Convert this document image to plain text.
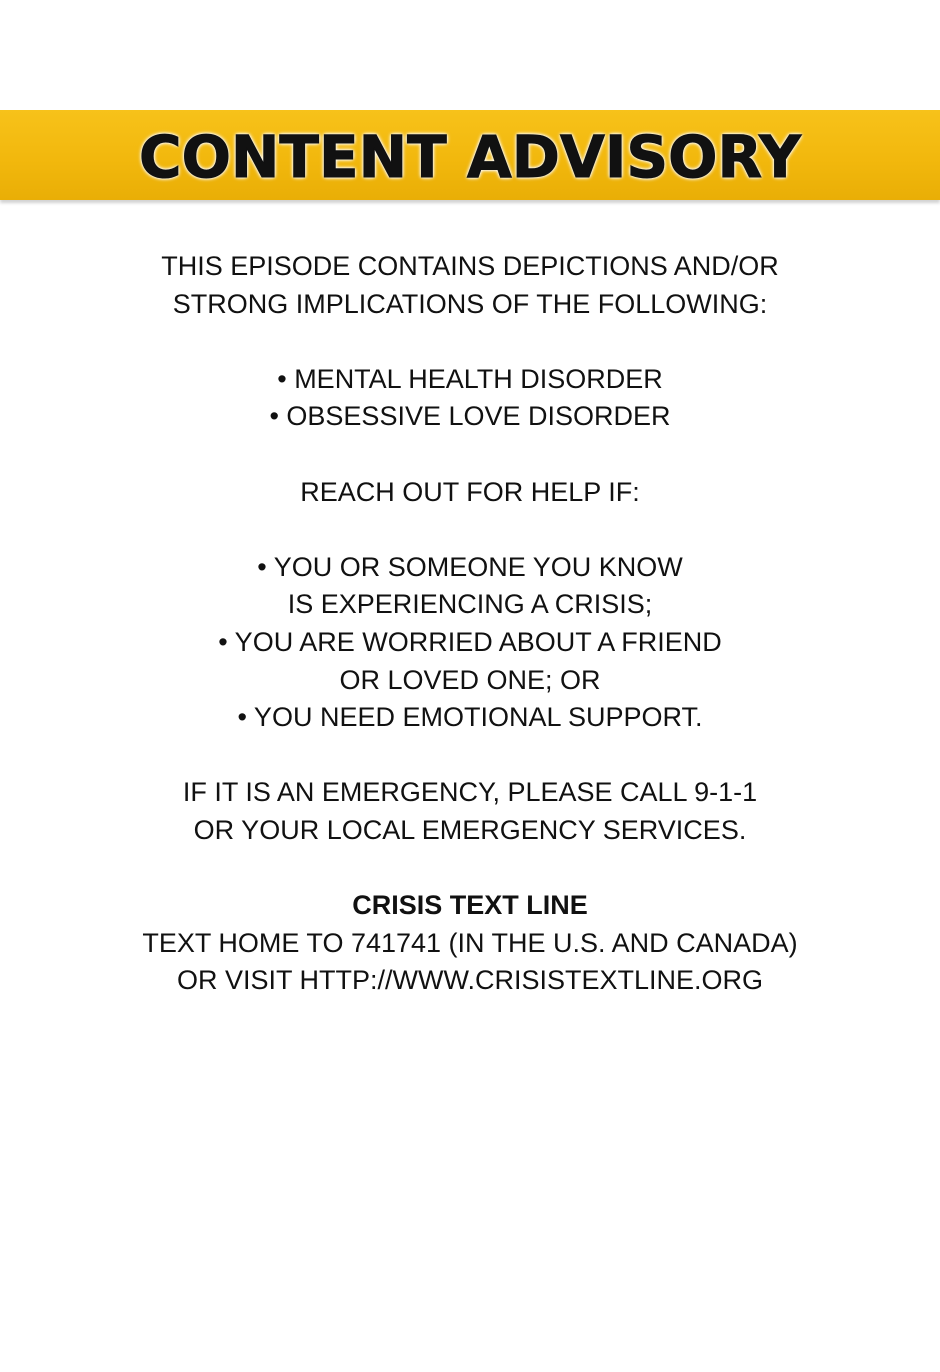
CONTENT ADVISORY
THIS EPISODE CONTAINS DEPICTIONS AND/OR
STRONG IMPLICATIONS OF THE FOLLOWING:
• MENTAL HEALTH DISORDER
• OBSESSIVE LOVE DISORDER
REACH OUT FOR HELP IF:
• YOU OR SOMEONE YOU KNOW
IS EXPERIENCING A CRISIS;
• YOU ARE WORRIED ABOUT A FRIEND
OR LOVED ONE; OR
• YOU NEED EMOTIONAL SUPPORT.
IF IT IS AN EMERGENCY, PLEASE CALL 9-1-1
OR YOUR LOCAL EMERGENCY SERVICES.
CRISIS TEXT LINE
TEXT HOME TO 741741 (IN THE U.S. AND CANADA)
OR VISIT HTTP://WWW.CRISISTEXTLINE.ORG
